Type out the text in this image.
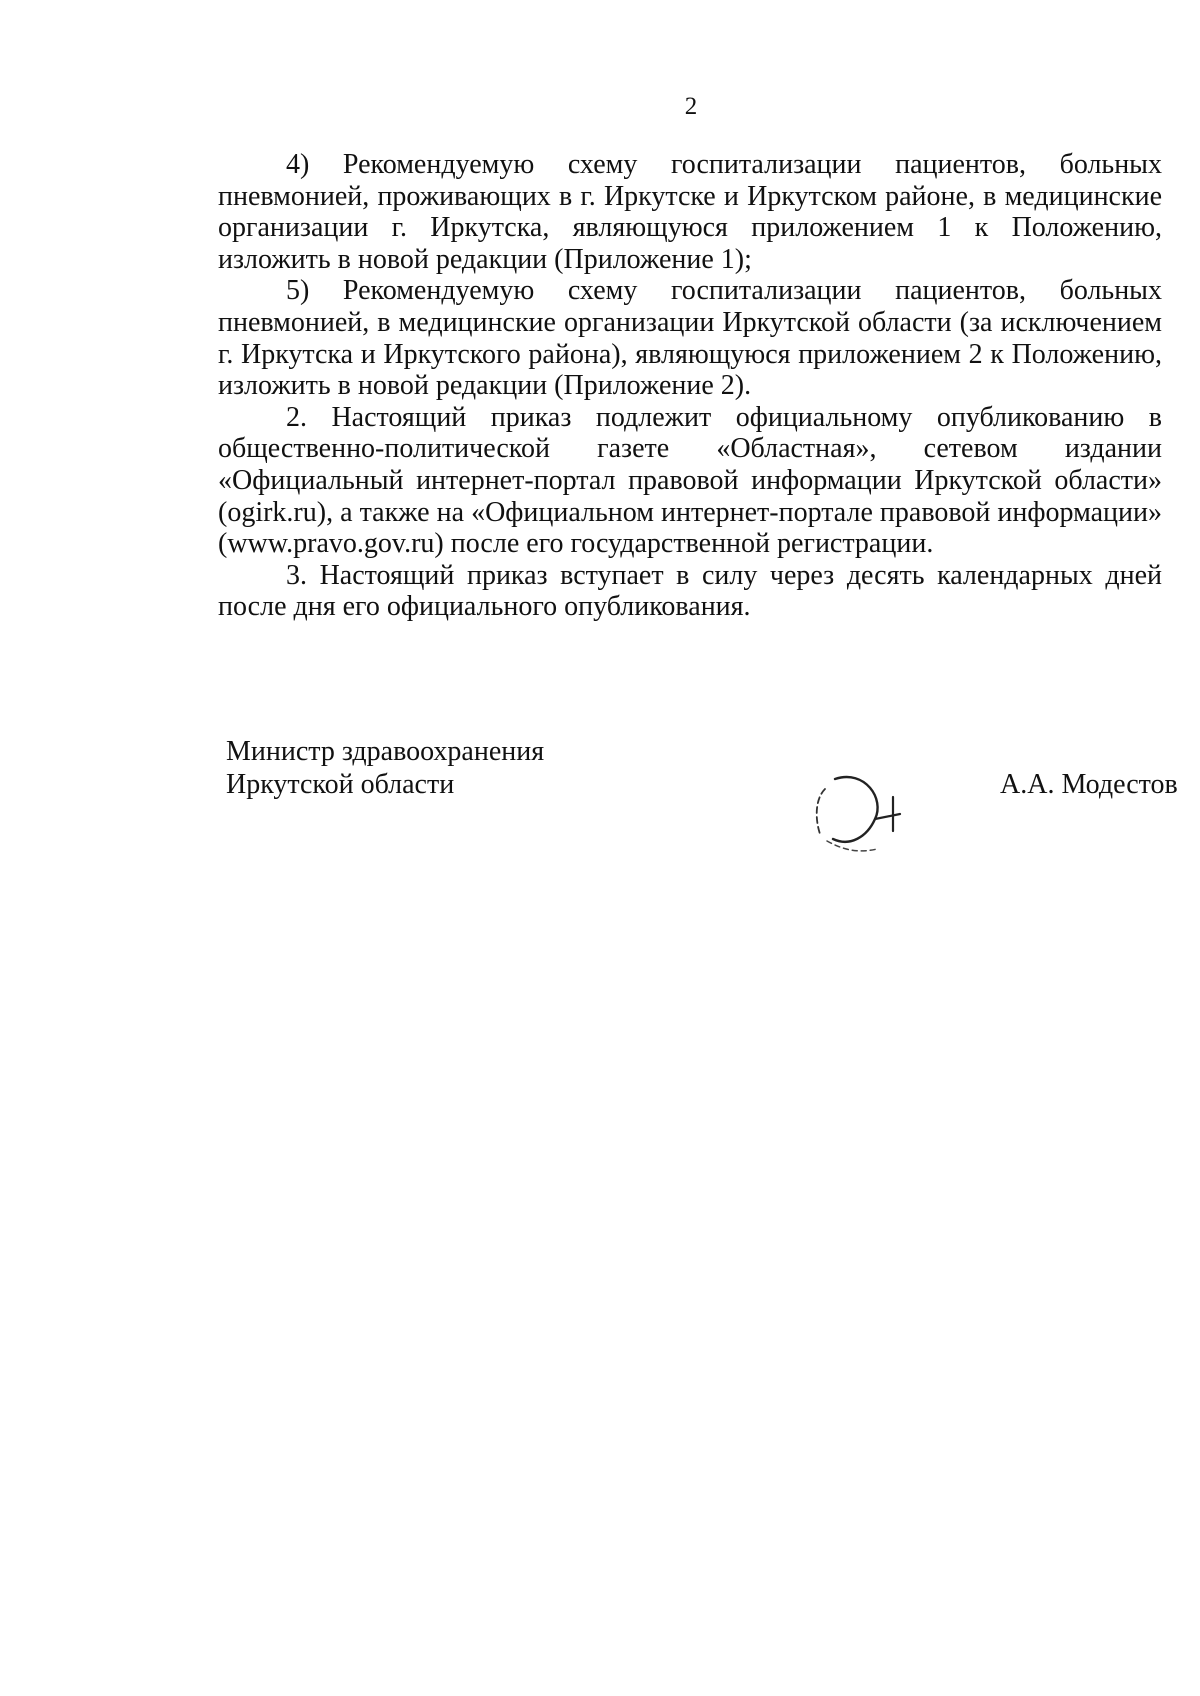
2

4) Рекомендуемую схему госпитализации пациентов, больных пневмонией, проживающих в г. Иркутске и Иркутском районе, в медицинские организации г. Иркутска, являющуюся приложением 1 к Положению, изложить в новой редакции (Приложение 1);

5) Рекомендуемую схему госпитализации пациентов, больных пневмонией, в медицинские организации Иркутской области (за исключением г. Иркутска и Иркутского района), являющуюся приложением 2 к Положению, изложить в новой редакции (Приложение 2).

2. Настоящий приказ подлежит официальному опубликованию в общественно-политической газете «Областная», сетевом издании «Официальный интернет-портал правовой информации Иркутской области» (ogirk.ru), а также на «Официальном интернет-портале правовой информации» (www.pravo.gov.ru) после его государственной регистрации.

3. Настоящий приказ вступает в силу через десять календарных дней после дня его официального опубликования.

Министр здравоохранения
Иркутской области	А.А. Модестов
